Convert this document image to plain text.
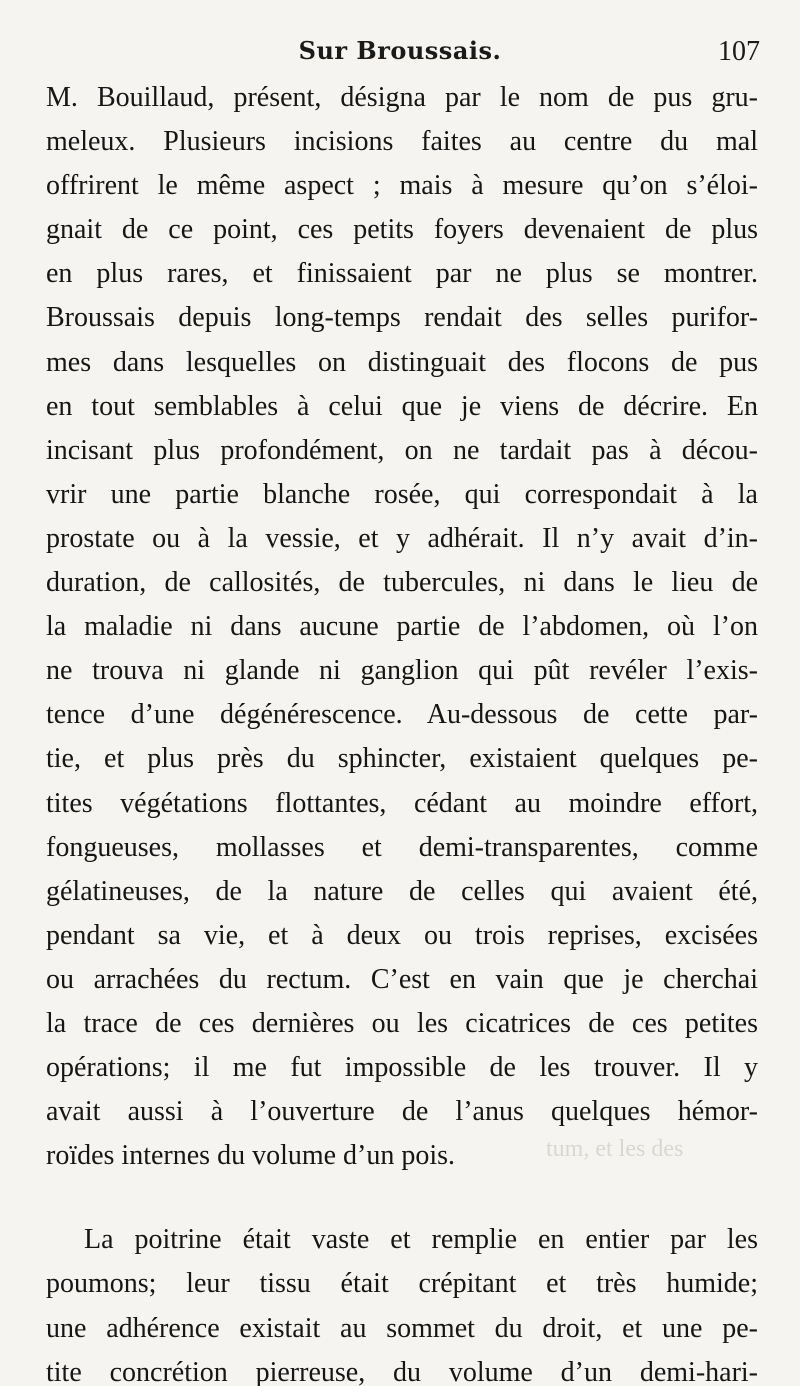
Sur Broussais.	107
tum, et les des
M. Bouillaud, présent, désigna par le nom de pus gru-
meleux. Plusieurs incisions faites au centre du mal
offrirent le même aspect ; mais à mesure qu’on s’éloi-
gnait de ce point, ces petits foyers devenaient de plus
en plus rares, et finissaient par ne plus se montrer.
Broussais depuis long-temps rendait des selles purifor-
mes dans lesquelles on distinguait des flocons de pus
en tout semblables à celui que je viens de décrire. En
incisant plus profondément, on ne tardait pas à décou-
vrir une partie blanche rosée, qui correspondait à la
prostate ou à la vessie, et y adhérait. Il n’y avait d’in-
duration, de callosités, de tubercules, ni dans le lieu de
la maladie ni dans aucune partie de l’abdomen, où l’on
ne trouva ni glande ni ganglion qui pût revéler l’exis-
tence d’une dégénérescence. Au-dessous de cette par-
tie, et plus près du sphincter, existaient quelques pe-
tites végétations flottantes, cédant au moindre effort,
fongueuses, mollasses et demi-transparentes, comme
gélatineuses, de la nature de celles qui avaient été,
pendant sa vie, et à deux ou trois reprises, excisées
ou arrachées du rectum. C’est en vain que je cherchai
la trace de ces dernières ou les cicatrices de ces petites
opérations; il me fut impossible de les trouver. Il y
avait aussi à l’ouverture de l’anus quelques hémor-
roïdes internes du volume d’un pois.
La poitrine était vaste et remplie en entier par les
poumons; leur tissu était crépitant et très humide;
une adhérence existait au sommet du droit, et une pe-
tite concrétion pierreuse, du volume d’un demi-hari-
